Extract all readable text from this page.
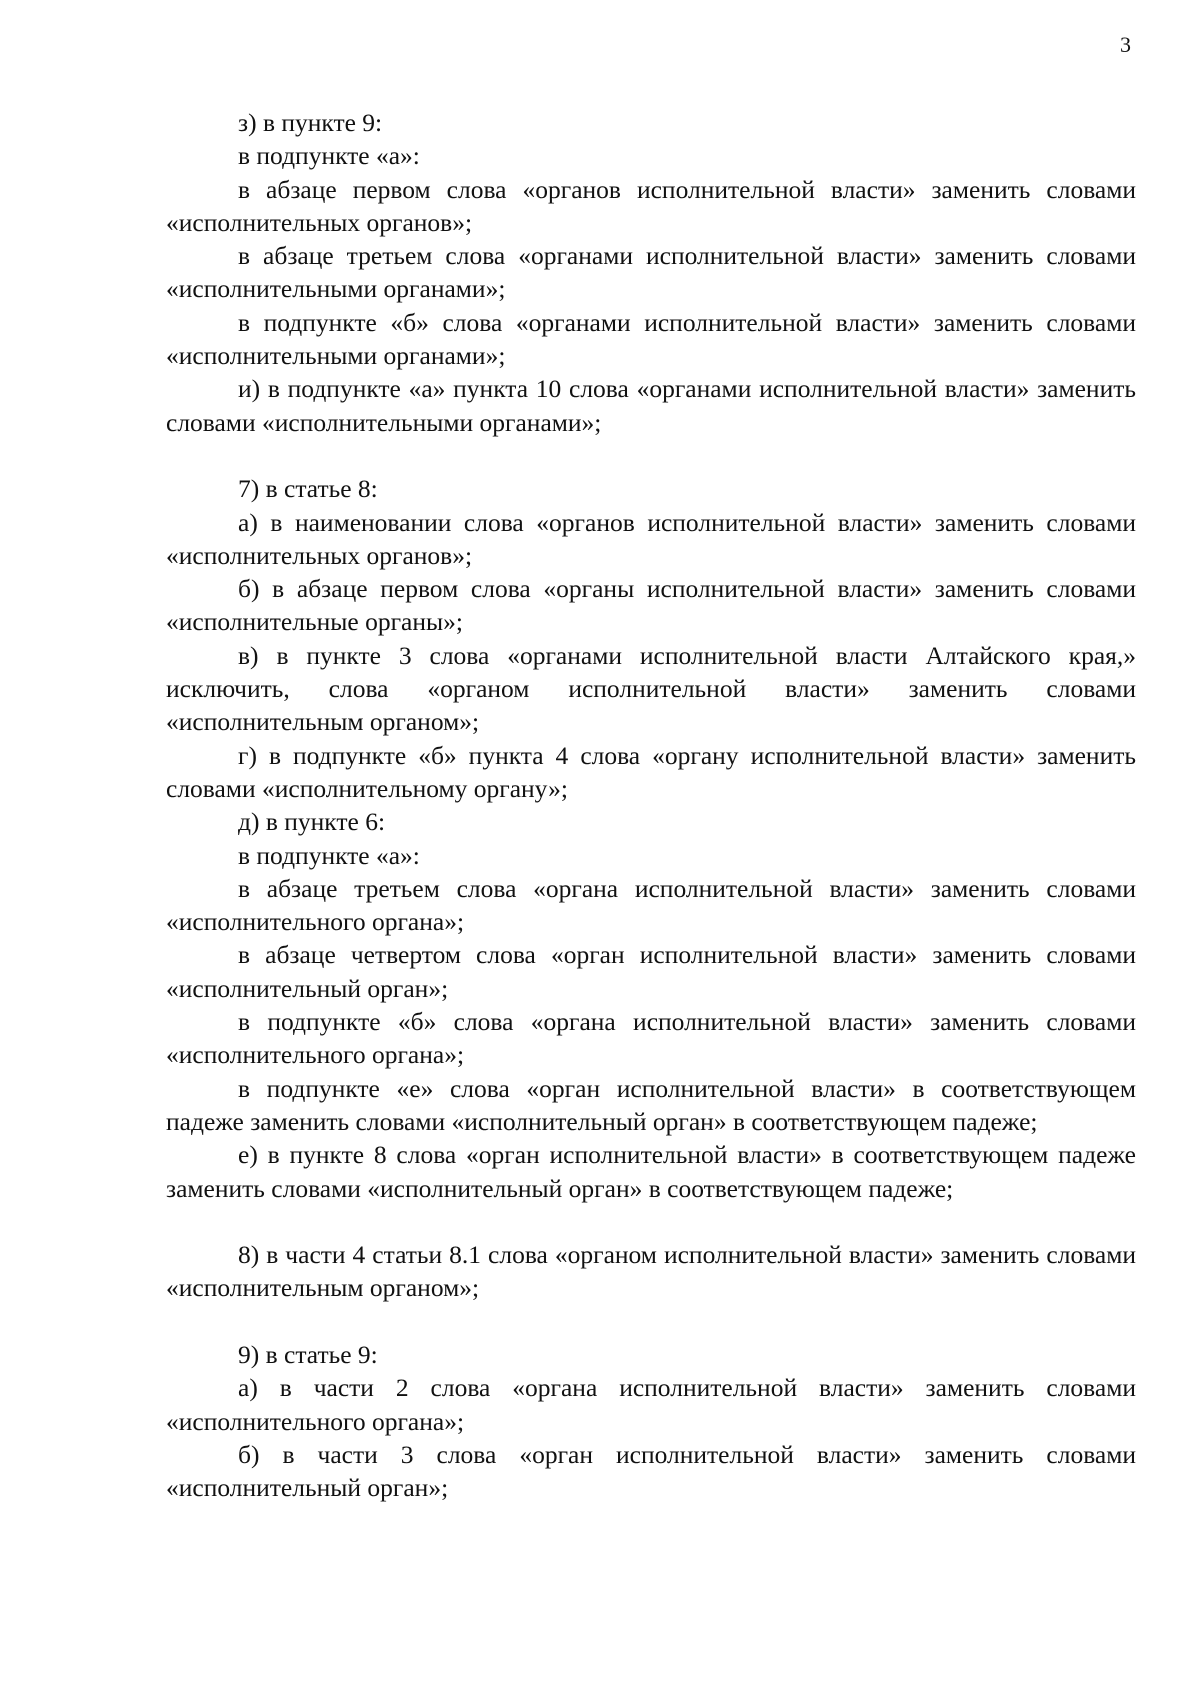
3

з) в пункте 9:

в подпункте «а»:

в абзаце первом слова «органов исполнительной власти» заменить словами «исполнительных органов»;

в абзаце третьем слова «органами исполнительной власти» заменить словами «исполнительными органами»;

в подпункте «б» слова «органами исполнительной власти» заменить словами «исполнительными органами»;

и) в подпункте «а» пункта 10 слова «органами исполнительной власти» заменить словами «исполнительными органами»;

7) в статье 8:

а) в наименовании слова «органов исполнительной власти» заменить словами «исполнительных органов»;

б) в абзаце первом слова «органы исполнительной власти» заменить словами «исполнительные органы»;

в) в пункте 3 слова «органами исполнительной власти Алтайского края,» исключить, слова «органом исполнительной власти» заменить словами «исполнительным органом»;

г) в подпункте «б» пункта 4 слова «органу исполнительной власти» заменить словами «исполнительному органу»;

д) в пункте 6:

в подпункте «а»:

в абзаце третьем слова «органа исполнительной власти» заменить словами «исполнительного органа»;

в абзаце четвертом слова «орган исполнительной власти» заменить словами «исполнительный орган»;

в подпункте «б» слова «органа исполнительной власти» заменить словами «исполнительного органа»;

в подпункте «е» слова «орган исполнительной власти» в соответствующем падеже заменить словами «исполнительный орган» в соответствующем падеже;

е) в пункте 8 слова «орган исполнительной власти» в соответствующем падеже заменить словами «исполнительный орган» в соответствующем падеже;

8) в части 4 статьи 8.1 слова «органом исполнительной власти» заменить словами «исполнительным органом»;

9) в статье 9:

а) в части 2 слова «органа исполнительной власти» заменить словами «исполнительного органа»;

б) в части 3 слова «орган исполнительной власти» заменить словами «исполнительный орган»;
